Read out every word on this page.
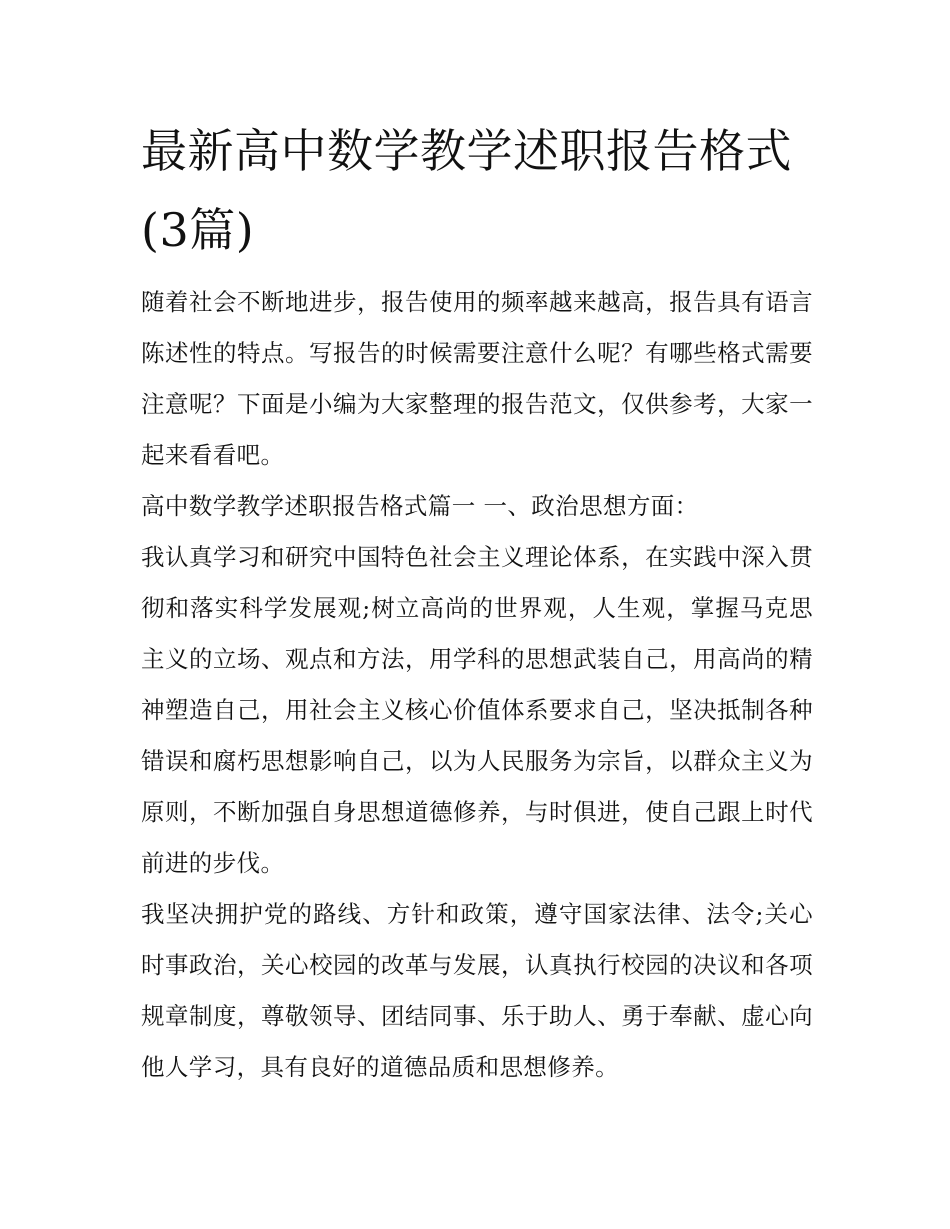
最新高中数学教学述职报告格式(3篇)

随着社会不断地进步，报告使用的频率越来越高，报告具有语言陈述性的特点。写报告的时候需要注意什么呢？有哪些格式需要注意呢？下面是小编为大家整理的报告范文，仅供参考，大家一起来看看吧。

高中数学教学述职报告格式篇一 一、政治思想方面：

我认真学习和研究中国特色社会主义理论体系，在实践中深入贯彻和落实科学发展观;树立高尚的世界观，人生观，掌握马克思主义的立场、观点和方法，用学科的思想武装自己，用高尚的精神塑造自己，用社会主义核心价值体系要求自己，坚决抵制各种错误和腐朽思想影响自己，以为人民服务为宗旨，以群众主义为原则，不断加强自身思想道德修养，与时俱进，使自己跟上时代前进的步伐。

我坚决拥护党的路线、方针和政策，遵守国家法律、法令;关心时事政治，关心校园的改革与发展，认真执行校园的决议和各项规章制度，尊敬领导、团结同事、乐于助人、勇于奉献、虚心向他人学习，具有良好的道德品质和思想修养。
